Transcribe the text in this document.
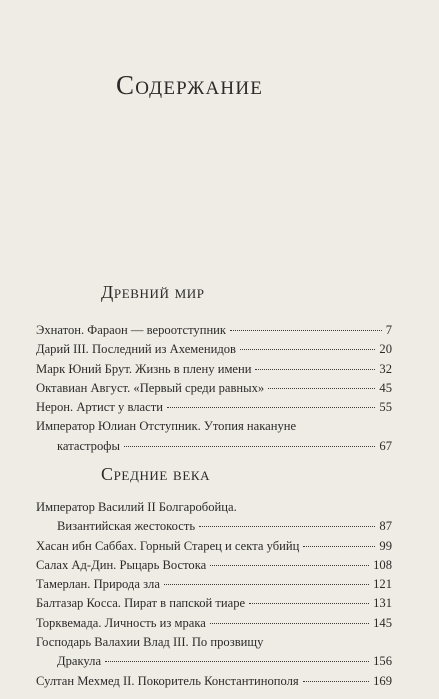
Содержание
Древний мир
Эхнатон. Фараон — вероотступник	7
Дарий III. Последний из Ахеменидов	20
Марк Юний Брут. Жизнь в плену имени	32
Октавиан Август. «Первый среди равных»	45
Нерон. Артист у власти	55
Император Юлиан Отступник. Утопия накануне
катастрофы	67
Средние века
Император Василий II Болгаробойца.
Византийская жестокость	87
Хасан ибн Саббах. Горный Старец и секта убийц	99
Салах Ад-Дин. Рыцарь Востока	108
Тамерлан. Природа зла	121
Балтазар Косса. Пират в папской тиаре	131
Торквемада. Личность из мрака	145
Господарь Валахии Влад III. По прозвищу
Дракула	156
Султан Мехмед II. Покоритель Константинополя	169
